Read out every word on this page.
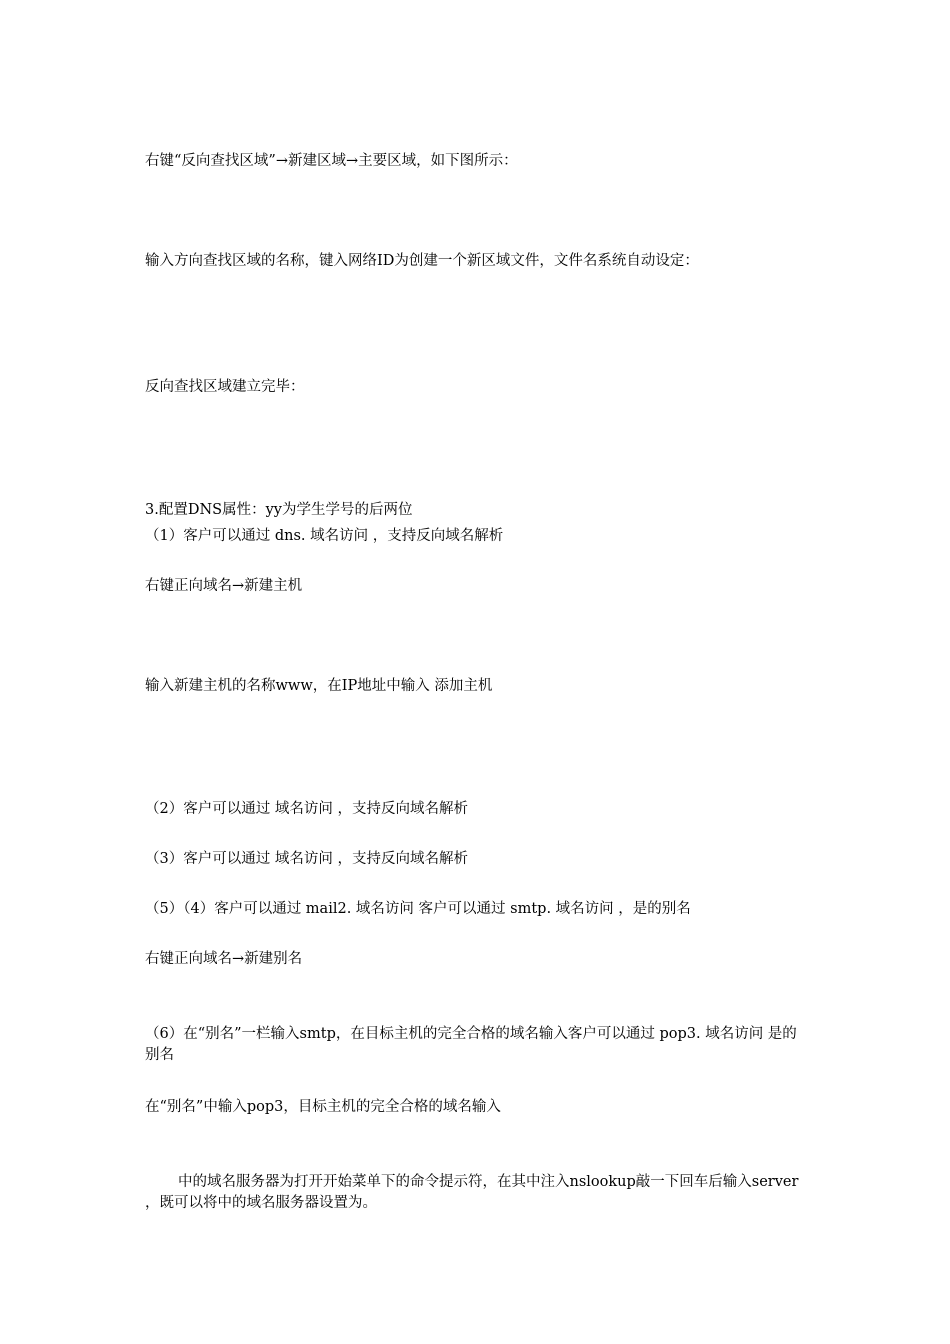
右键“反向查找区域”→新建区域→主要区域，如下图所示：
输入方向查找区域的名称，键入网络ID为创建一个新区域文件，文件名系统自动设定：
反向查找区域建立完毕：
3.配置DNS属性：yy为学生学号的后两位
（1）客户可以通过 dns. 域名访问 ，支持反向域名解析
右键正向域名→新建主机
输入新建主机的名称www，在IP地址中输入 添加主机
（2）客户可以通过 域名访问 ，支持反向域名解析
（3）客户可以通过 域名访问 ，支持反向域名解析
（5）（4）客户可以通过 mail2. 域名访问 客户可以通过 smtp. 域名访问 ，是的别名
右键正向域名→新建别名
（6）在“别名”一栏输入smtp，在目标主机的完全合格的域名输入客户可以通过 pop3. 域名访问 是的别名
在“别名”中输入pop3，目标主机的完全合格的域名输入
中的域名服务器为打开开始菜单下的命令提示符，在其中注入nslookup敲一下回车后输入server ，既可以将中的域名服务器设置为。
